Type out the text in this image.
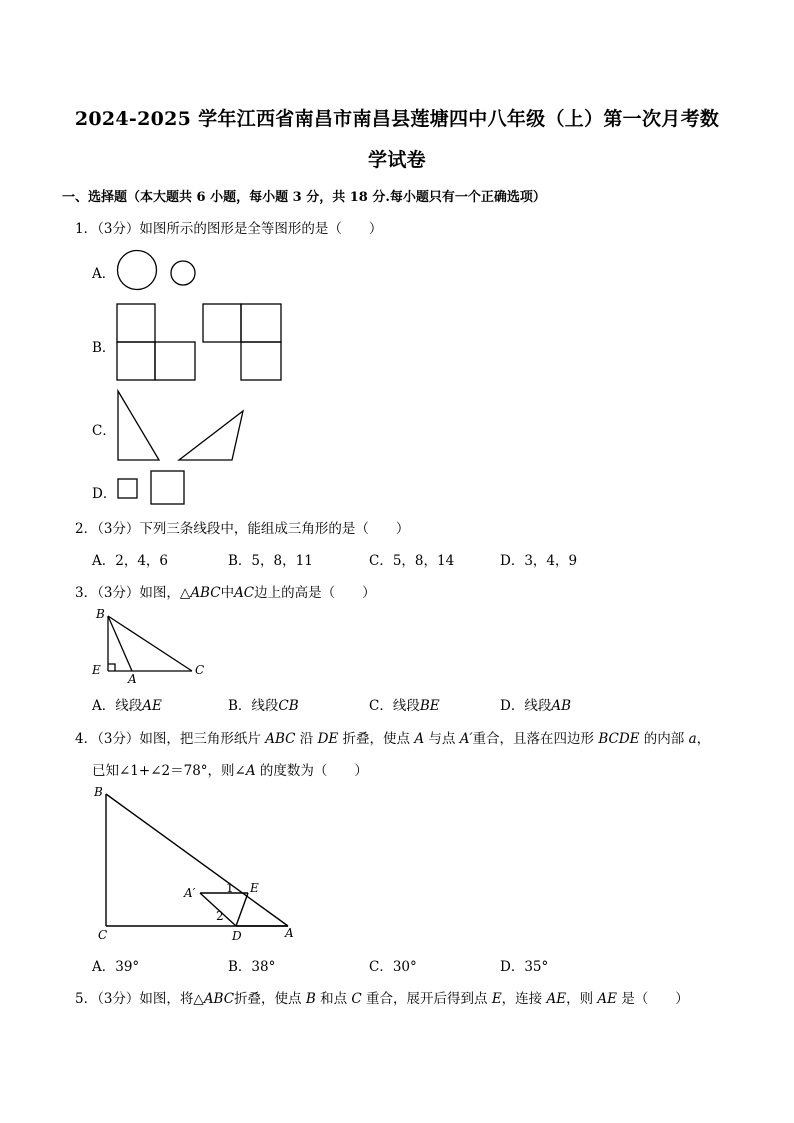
2024-2025 学年江西省南昌市南昌县莲塘四中八年级（上）第一次月考数
学试卷
一、选择题（本大题共 6 小题，每小题 3 分，共 18 分.每小题只有一个正确选项）
1．（3分）如图所示的图形是全等图形的是（　　）
A．
B．
C．
D．
2．（3分）下列三条线段中，能组成三角形的是（　　）
A．2，4，6	B．5，8，11	C．5，8，14	D．3，4，9
3．（3分）如图，△ABC中AC边上的高是（　　）
B
E
A
C
A．线段AE	B．线段CB	C．线段BE	D．线段AB
4．（3分）如图，把三角形纸片 ABC 沿 DE 折叠，使点 A 与点 A′重合，且落在四边形 BCDE 的内部 a，
已知∠1+∠2＝78°，则∠A 的度数为（　　）
B
A′	1 E
2
C	D	A
A．39°	B．38°	C．30°	D．35°
5．（3分）如图，将△ABC折叠，使点 B 和点 C 重合，展开后得到点 E，连接 AE，则 AE 是（　　）
